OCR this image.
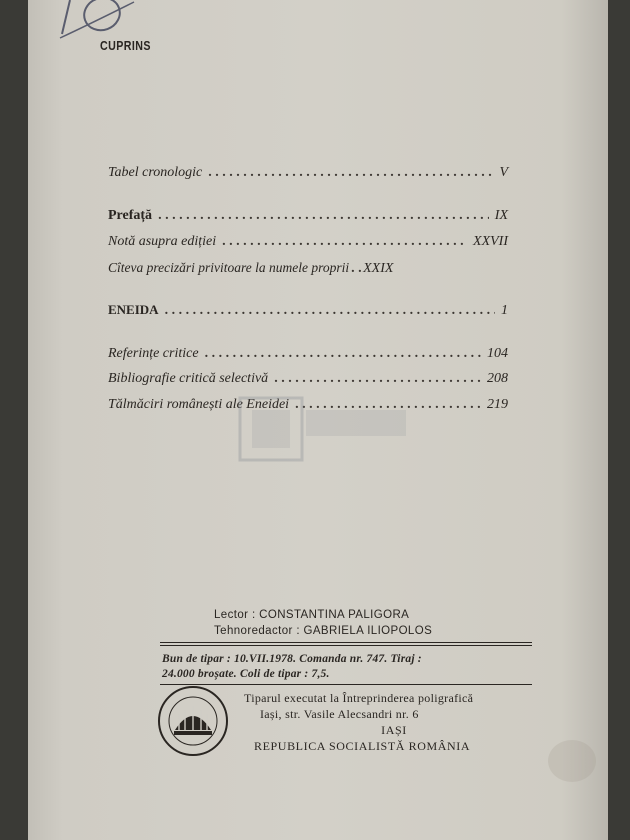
CUPRINS
Tabel cronologic . . .	V
Prefață . . .	IX
Notă asupra ediției . . .	XXVII
Cîteva precizări privitoare la numele proprii . . . XXIX
ENEIDA . . .	1
Referințe critice . . .	104
Bibliografie critică selectivă . . .	208
Tălmăciri românești ale Eneidei . . .	219
Lector : CONSTANTINA PALIGORA
Tehnoredactor : GABRIELA ILIOPOLOS
Bun de tipar : 10.VII.1978. Comanda nr. 747. Tiraj :
24.000 broșate. Coli de tipar : 7,5.
Tiparul executat la Întreprinderea poligrafică
Iași, str. Vasile Alecsandri nr. 6
IAȘI
REPUBLICA SOCIALISTĂ ROMÂNIA
